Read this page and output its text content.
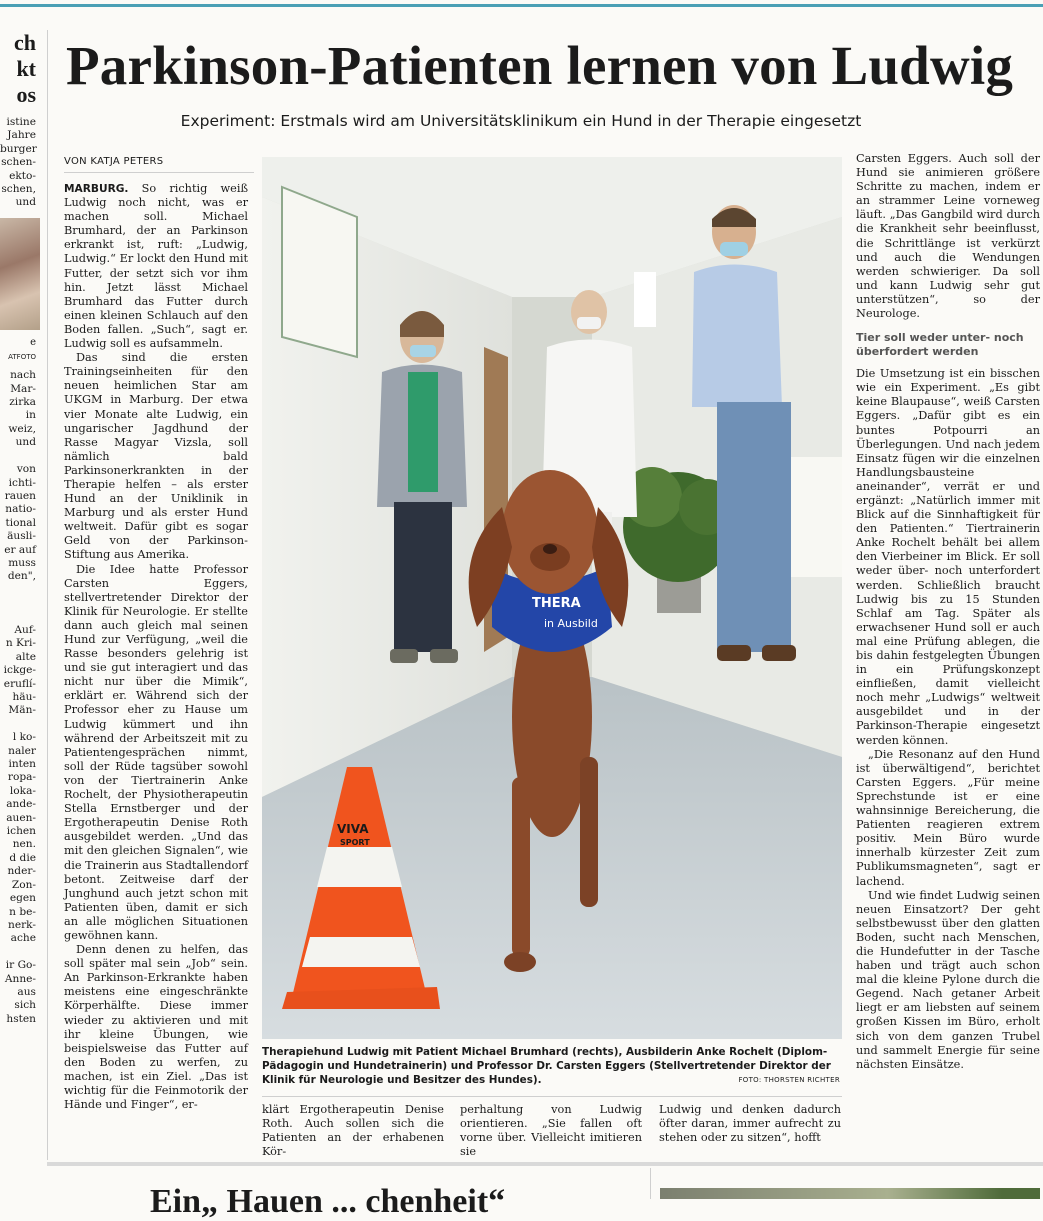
ch
kt
os
istine
Jahre
burger
schen-
ekto-
schen,
und
e
ATFOTO
nach
Mar-
zirka
in
weiz,
und

von
ichti-
rauen
natio-
tional
äusli-
er auf
muss
den",

Auf-
n Kri-
alte
ickge-
eruflí-
häu-
Män-

l ko-
naler
inten
ropa-
loka-
ande-
auen-
ichen
nen.
d die
nder-
Zon-
egen
n be-
nerk-
ache

ir Go-
Anne-
aus
sich
hsten
Parkinson-Patienten lernen von Ludwig
Experiment: Erstmals wird am Universitätsklinikum ein Hund in der Therapie eingesetzt
VON KATJA PETERS

MARBURG. So richtig weiß Ludwig noch nicht, was er machen soll. Michael Brumhard, der an Parkinson erkrankt ist, ruft: „Ludwig, Ludwig.“ Er lockt den Hund mit Futter, der setzt sich vor ihm hin. Jetzt lässt Michael Brumhard das Futter durch einen kleinen Schlauch auf den Boden fallen. „Such“, sagt er. Ludwig soll es aufsammeln.

Das sind die ersten Trainingseinheiten für den neuen heimlichen Star am UKGM in Marburg. Der etwa vier Monate alte Ludwig, ein ungarischer Jagdhund der Rasse Magyar Vizsla, soll nämlich bald Parkinsonerkrankten in der Therapie helfen – als erster Hund an der Uniklinik in Marburg und als erster Hund weltweit. Dafür gibt es sogar Geld von der Parkinson-Stiftung aus Amerika.

Die Idee hatte Professor Carsten Eggers, stellvertretender Direktor der Klinik für Neurologie. Er stellte dann auch gleich mal seinen Hund zur Verfügung, „weil die Rasse besonders gelehrig ist und sie gut interagiert und das nicht nur über die Mimik“, erklärt er. Während sich der Professor eher zu Hause um Ludwig kümmert und ihn während der Arbeitszeit mit zu Patientengesprächen nimmt, soll der Rüde tagsüber sowohl von der Tiertrainerin Anke Rochelt, der Physiotherapeutin Stella Ernstberger und der Ergotherapeutin Denise Roth ausgebildet werden. „Und das mit den gleichen Signalen“, wie die Trainerin aus Stadtallendorf betont. Zeitweise darf der Junghund auch jetzt schon mit Patienten üben, damit er sich an alle möglichen Situationen gewöhnen kann.

Denn denen zu helfen, das soll später mal sein „Job“ sein. An Parkinson-Erkrankte haben meistens eine eingeschränkte Körperhälfte. Diese immer wieder zu aktivieren und mit ihr kleine Übungen, wie beispielsweise das Futter auf den Boden zu werfen, zu machen, ist ein Ziel. „Das ist wichtig für die Feinmotorik der Hände und Finger“, er-

THERA
in Ausbild
VIVA
SPORT
Therapiehund Ludwig mit Patient Michael Brumhard (rechts), Ausbilderin Anke Rochelt (Diplom-Pädagogin und Hundetrainerin) und Professor Dr. Carsten Eggers (Stellvertretender Direktor der Klinik für Neurologie und Besitzer des Hundes).	FOTO: THORSTEN RICHTER
klärt Ergotherapeutin Denise Roth. Auch sollen sich die Patienten an der erhabenen Kör-
perhaltung von Ludwig orientieren. „Sie fallen oft vorne über. Vielleicht imitieren sie
Ludwig und denken dadurch öfter daran, immer aufrecht zu stehen oder zu sitzen“, hofft

Carsten Eggers. Auch soll der Hund sie animieren größere Schritte zu machen, indem er an strammer Leine vorneweg läuft. „Das Gangbild wird durch die Krankheit sehr beeinflusst, die Schrittlänge ist verkürzt und auch die Wendungen werden schwieriger. Da soll und kann Ludwig sehr gut unterstützen“, so der Neurologe.

Tier soll weder unter- noch überfordert werden

Die Umsetzung ist ein bisschen wie ein Experiment. „Es gibt keine Blaupause“, weiß Carsten Eggers. „Dafür gibt es ein buntes Potpourri an Überlegungen. Und nach jedem Einsatz fügen wir die einzelnen Handlungsbausteine aneinander“, verrät er und ergänzt: „Natürlich immer mit Blick auf die Sinnhaftigkeit für den Patienten.“ Tiertrainerin Anke Rochelt behält bei allem den Vierbeiner im Blick. Er soll weder über- noch unterfordert werden. Schließlich braucht Ludwig bis zu 15 Stunden Schlaf am Tag. Später als erwachsener Hund soll er auch mal eine Prüfung ablegen, die bis dahin festgelegten Übungen in ein Prüfungskonzept einfließen, damit vielleicht noch mehr „Ludwigs“ weltweit ausgebildet und in der Parkinson-Therapie eingesetzt werden können.

„Die Resonanz auf den Hund ist überwältigend“, berichtet Carsten Eggers. „Für meine Sprechstunde ist er eine wahnsinnige Bereicherung, die Patienten reagieren extrem positiv. Mein Büro wurde innerhalb kürzester Zeit zum Publikumsmagneten“, sagt er lachend.

Und wie findet Ludwig seinen neuen Einsatzort? Der geht selbstbewusst über den glatten Boden, sucht nach Menschen, die Hundefutter in der Tasche haben und trägt auch schon mal die kleine Pylone durch die Gegend. Nach getaner Arbeit liegt er am liebsten auf seinem großen Kissen im Büro, erholt sich von dem ganzen Trubel und sammelt Energie für seine nächsten Einsätze.

Ein„ Hauen ... chenheit“
